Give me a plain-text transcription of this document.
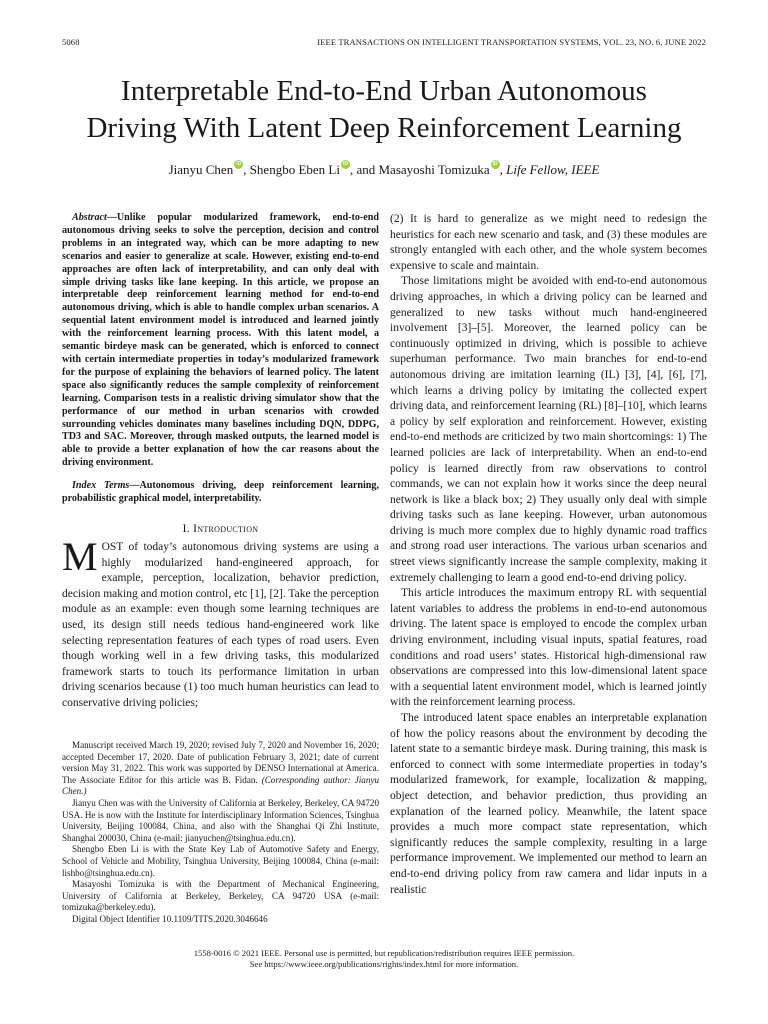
5068	IEEE TRANSACTIONS ON INTELLIGENT TRANSPORTATION SYSTEMS, VOL. 23, NO. 6, JUNE 2022
Interpretable End-to-End Urban Autonomous
Driving With Latent Deep Reinforcement Learning
Jianyu Chen iD , Shengbo Eben Li iD , and Masayoshi Tomizuka iD , Life Fellow, IEEE

Abstract—Unlike popular modularized framework, end-to-end autonomous driving seeks to solve the perception, decision and control problems in an integrated way, which can be more adapting to new scenarios and easier to generalize at scale. However, existing end-to-end approaches are often lack of interpretability, and can only deal with simple driving tasks like lane keeping. In this article, we propose an interpretable deep reinforcement learning method for end-to-end autonomous driving, which is able to handle complex urban scenarios. A sequential latent environment model is introduced and learned jointly with the reinforcement learning process. With this latent model, a semantic birdeye mask can be generated, which is enforced to connect with certain intermediate properties in today’s modularized framework for the purpose of explaining the behaviors of learned policy. The latent space also significantly reduces the sample complexity of reinforcement learning. Comparison tests in a realistic driving simulator show that the performance of our method in urban scenarios with crowded surrounding vehicles dominates many baselines including DQN, DDPG, TD3 and SAC. Moreover, through masked outputs, the learned model is able to provide a better explanation of how the car reasons about the driving environment.

Index Terms—Autonomous driving, deep reinforcement learning, probabilistic graphical model, interpretability.

I. Introduction

MOST of today’s autonomous driving systems are using a highly modularized hand-engineered approach, for example, perception, localization, behavior prediction, decision making and motion control, etc [1], [2]. Take the perception module as an example: even though some learning techniques are used, its design still needs tedious hand-engineered work like selecting representation features of each types of road users. Even though working well in a few driving tasks, this modularized framework starts to touch its performance limitation in urban driving scenarios because (1) too much human heuristics can lead to conservative driving policies;

Manuscript received March 19, 2020; revised July 7, 2020 and November 16, 2020; accepted December 17, 2020. Date of publication February 3, 2021; date of current version May 31, 2022. This work was supported by DENSO International at America. The Associate Editor for this article was B. Fidan. (Corresponding author: Jianyu Chen.)

Jianyu Chen was with the University of California at Berkeley, Berkeley, CA 94720 USA. He is now with the Institute for Interdisciplinary Information Sciences, Tsinghua University, Beijing 100084, China, and also with the Shanghai Qi Zhi Institute, Shanghai 200030, China (e-mail: jianyuchen@tsinghua.edu.cn).

Shengbo Eben Li is with the State Key Lab of Automotive Safety and Energy, School of Vehicle and Mobility, Tsinghua University, Beijing 100084, China (e-mail: lishbo@tsinghua.edu.cn).

Masayoshi Tomizuka is with the Department of Mechanical Engineering, University of California at Berkeley, Berkeley, CA 94720 USA (e-mail: tomizuka@berkeley.edu).

Digital Object Identifier 10.1109/TITS.2020.3046646

(2) It is hard to generalize as we might need to redesign the heuristics for each new scenario and task, and (3) these modules are strongly entangled with each other, and the whole system becomes expensive to scale and maintain.

Those limitations might be avoided with end-to-end autonomous driving approaches, in which a driving policy can be learned and generalized to new tasks without much hand-engineered involvement [3]–[5]. Moreover, the learned policy can be continuously optimized in driving, which is possible to achieve superhuman performance. Two main branches for end-to-end autonomous driving are imitation learning (IL) [3], [4], [6], [7], which learns a driving policy by imitating the collected expert driving data, and reinforcement learning (RL) [8]–[10], which learns a policy by self exploration and reinforcement. However, existing end-to-end methods are criticized by two main shortcomings: 1) The learned policies are lack of interpretability. When an end-to-end policy is learned directly from raw observations to control commands, we can not explain how it works since the deep neural network is like a black box; 2) They usually only deal with simple driving tasks such as lane keeping. However, urban autonomous driving is much more complex due to highly dynamic road traffics and strong road user interactions. The various urban scenarios and street views significantly increase the sample complexity, making it extremely challenging to learn a good end-to-end driving policy.

This article introduces the maximum entropy RL with sequential latent variables to address the problems in end-to-end autonomous driving. The latent space is employed to encode the complex urban driving environment, including visual inputs, spatial features, road conditions and road users’ states. Historical high-dimensional raw observations are compressed into this low-dimensional latent space with a sequential latent environment model, which is learned jointly with the reinforcement learning process.

The introduced latent space enables an interpretable explanation of how the policy reasons about the environment by decoding the latent state to a semantic birdeye mask. During training, this mask is enforced to connect with some intermediate properties in today’s modularized framework, for example, localization & mapping, object detection, and behavior prediction, thus providing an explanation of the learned policy. Meanwhile, the latent space provides a much more compact state representation, which significantly reduces the sample complexity, resulting in a large performance improvement. We implemented our method to learn an end-to-end driving policy from raw camera and lidar inputs in a realistic

1558-0016 © 2021 IEEE. Personal use is permitted, but republication/redistribution requires IEEE permission.
See https://www.ieee.org/publications/rights/index.html for more information.
